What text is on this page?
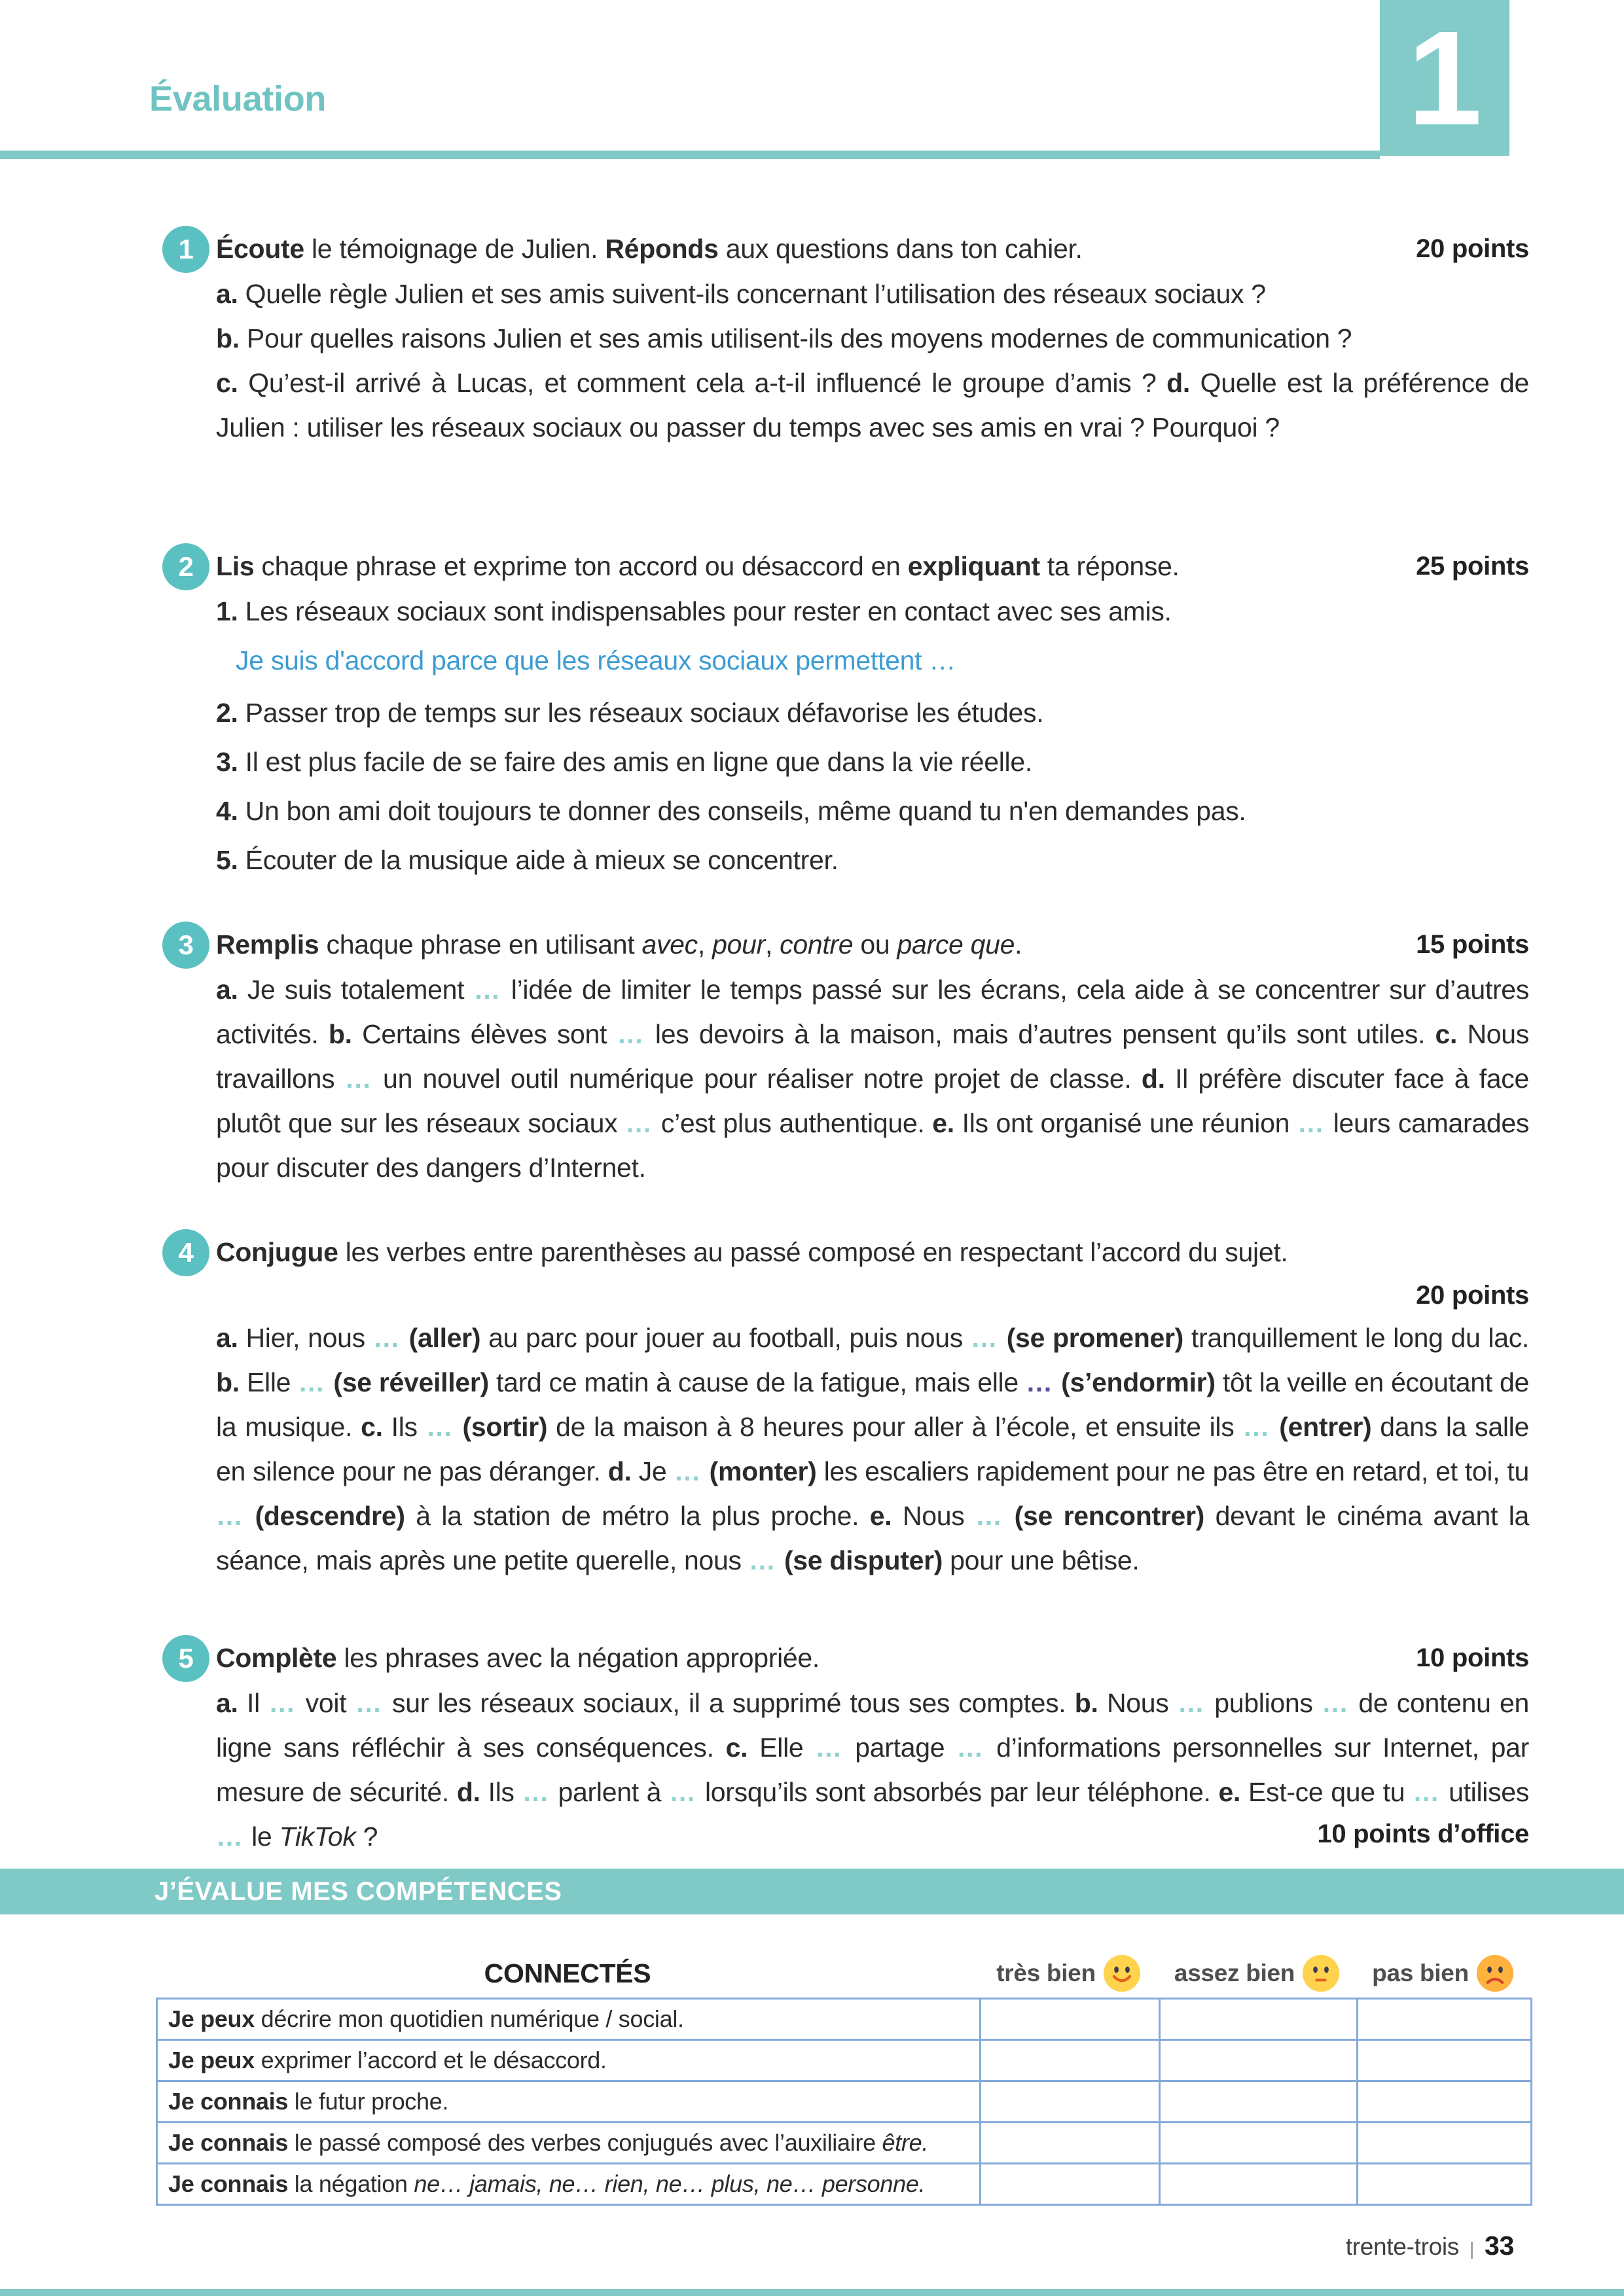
Évaluation	1
1	20 points
Écoute le témoignage de Julien. Réponds aux questions dans ton cahier.
a. Quelle règle Julien et ses amis suivent-ils concernant l’utilisation des réseaux sociaux ?
b. Pour quelles raisons Julien et ses amis utilisent-ils des moyens modernes de communication ?
c. Qu’est-il arrivé à Lucas, et comment cela a-t-il influencé le groupe d’amis ? d. Quelle est la préférence de Julien : utiliser les réseaux sociaux ou passer du temps avec ses amis en vrai ? Pourquoi ?
2	25 points
Lis chaque phrase et exprime ton accord ou désaccord en expliquant ta réponse.
1. Les réseaux sociaux sont indispensables pour rester en contact avec ses amis.
Je suis d'accord parce que les réseaux sociaux permettent …
2. Passer trop de temps sur les réseaux sociaux défavorise les études.
3. Il est plus facile de se faire des amis en ligne que dans la vie réelle.
4. Un bon ami doit toujours te donner des conseils, même quand tu n'en demandes pas.
5. Écouter de la musique aide à mieux se concentrer.
3	15 points
Remplis chaque phrase en utilisant avec, pour, contre ou parce que.
a. Je suis totalement … l’idée de limiter le temps passé sur les écrans, cela aide à se concentrer sur d’autres activités. b. Certains élèves sont … les devoirs à la maison, mais d’autres pensent qu’ils sont utiles. c. Nous travaillons … un nouvel outil numérique pour réaliser notre projet de classe. d. Il préfère discuter face à face plutôt que sur les réseaux sociaux … c’est plus authentique. e. Ils ont organisé une réunion … leurs camarades pour discuter des dangers d’Internet.
4 Conjugue les verbes entre parenthèses au passé composé en respectant l’accord du sujet.
20 points
a. Hier, nous … (aller) au parc pour jouer au football, puis nous … (se promener) tranquillement le long du lac. b. Elle … (se réveiller) tard ce matin à cause de la fatigue, mais elle … (s’endormir) tôt la veille en écoutant de la musique. c. Ils … (sortir) de la maison à 8 heures pour aller à l’école, et ensuite ils … (entrer) dans la salle en silence pour ne pas déranger. d. Je … (monter) les escaliers rapidement pour ne pas être en retard, et toi, tu … (descendre) à la station de métro la plus proche. e. Nous … (se rencontrer) devant le cinéma avant la séance, mais après une petite querelle, nous … (se disputer) pour une bêtise.
5	10 points
Complète les phrases avec la négation appropriée.
a. Il … voit … sur les réseaux sociaux, il a supprimé tous ses comptes. b. Nous … publions … de contenu en ligne sans réfléchir à ses conséquences. c. Elle … partage … d’informations personnelles sur Internet, par mesure de sécurité. d. Ils … parlent à … lorsqu’ils sont absorbés par leur téléphone. e. Est-ce que tu … utilises … le TikTok ?	10 points d’office
J’ÉVALUE MES COMPÉTENCES
CONNECTÉS	très bien	assez bien	pas bien
Je peux décrire mon quotidien numérique / social.			
Je peux exprimer l’accord et le désaccord.			
Je connais le futur proche.			
Je connais le passé composé des verbes conjugués avec l’auxiliaire être.			
Je connais la négation ne… jamais, ne… rien, ne… plus, ne… personne.			
trente-trois | 33
